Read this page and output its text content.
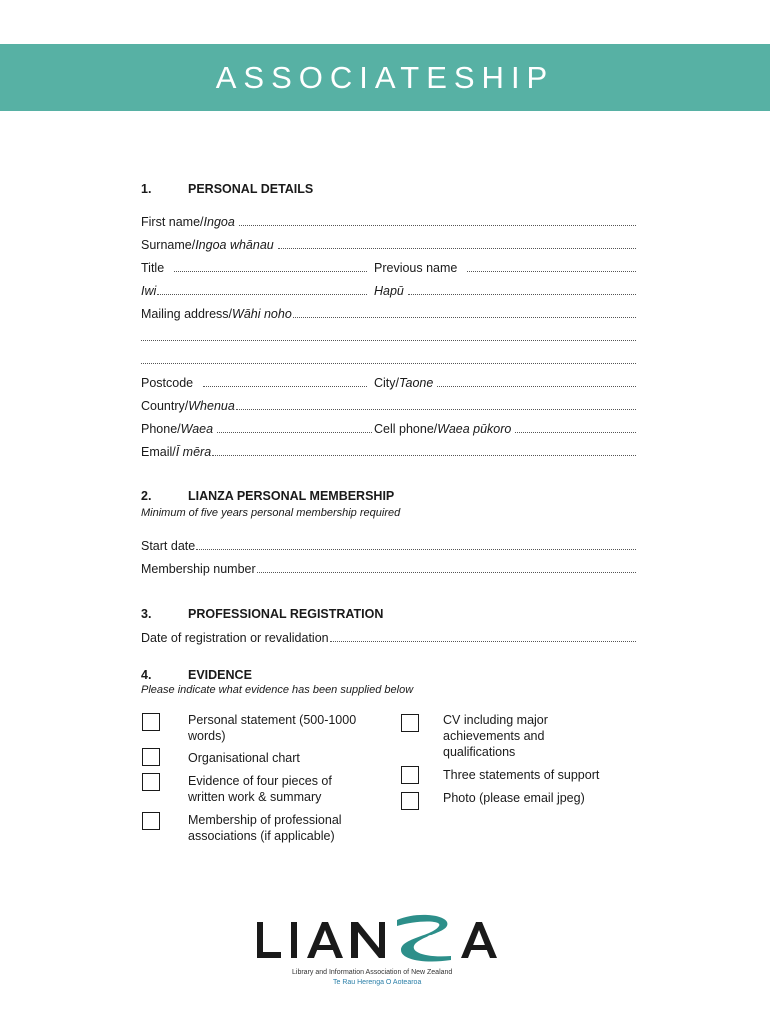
ASSOCIATESHIP
1.	PERSONAL DETAILS
First name/ Ingoa
Surname/ Ingoa whānau
Title	Previous name
Iwi	Hapū
Mailing address/ Wāhi noho
Postcode	City/ Taone
Country/ Whenua
Phone/ Waea	Cell phone/ Waea pūkoro
Email/ Ī mēra
2.	LIANZA PERSONAL MEMBERSHIP
Minimum of five years personal membership required
Start date
Membership number
3.	PROFESSIONAL REGISTRATION
Date of registration or revalidation
4.	EVIDENCE
Please indicate what evidence has been supplied below
Personal statement (500-1000
words)
Organisational chart
Evidence of four pieces of
written work & summary
Membership of professional
associations (if applicable)
CV including major
achievements and
qualifications
Three statements of support
Photo (please email jpeg)
Library and Information Association of New Zealand
Te Rau Herenga O Aotearoa
